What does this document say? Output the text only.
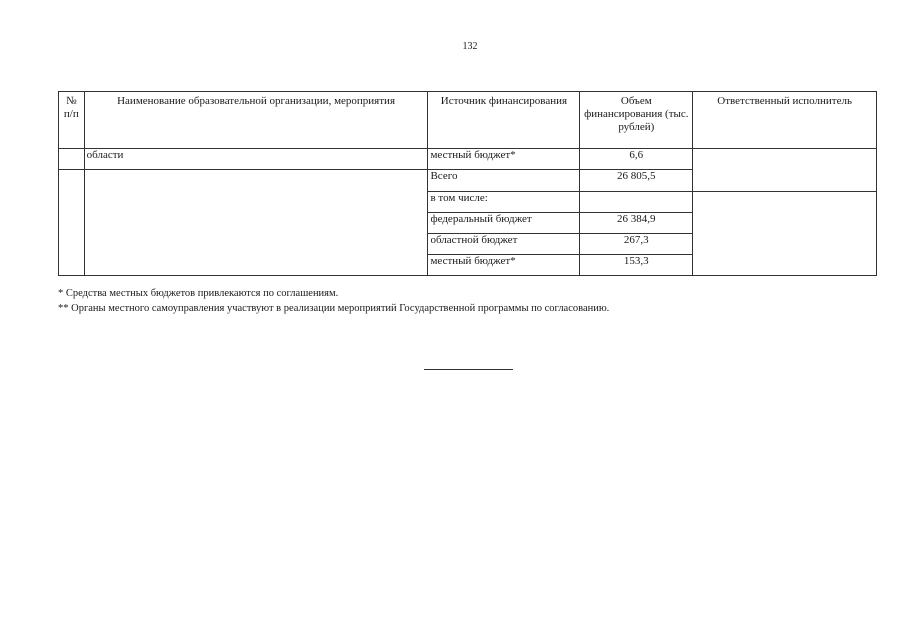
132
№ п/п	Наименование образовательной организации, мероприятия	Источник финансирования	Объем финансирования (тыс. рублей)	Ответственный исполнитель
	области	местный бюджет*	6,6	
		Всего	26 805,5	
		в том числе:		
		федеральный бюджет	26 384,9	
		областной бюджет	267,3	
		местный бюджет*	153,3	
* Средства местных бюджетов привлекаются по соглашениям.
** Органы местного самоуправления участвуют в реализации мероприятий Государственной программы по согласованию.
